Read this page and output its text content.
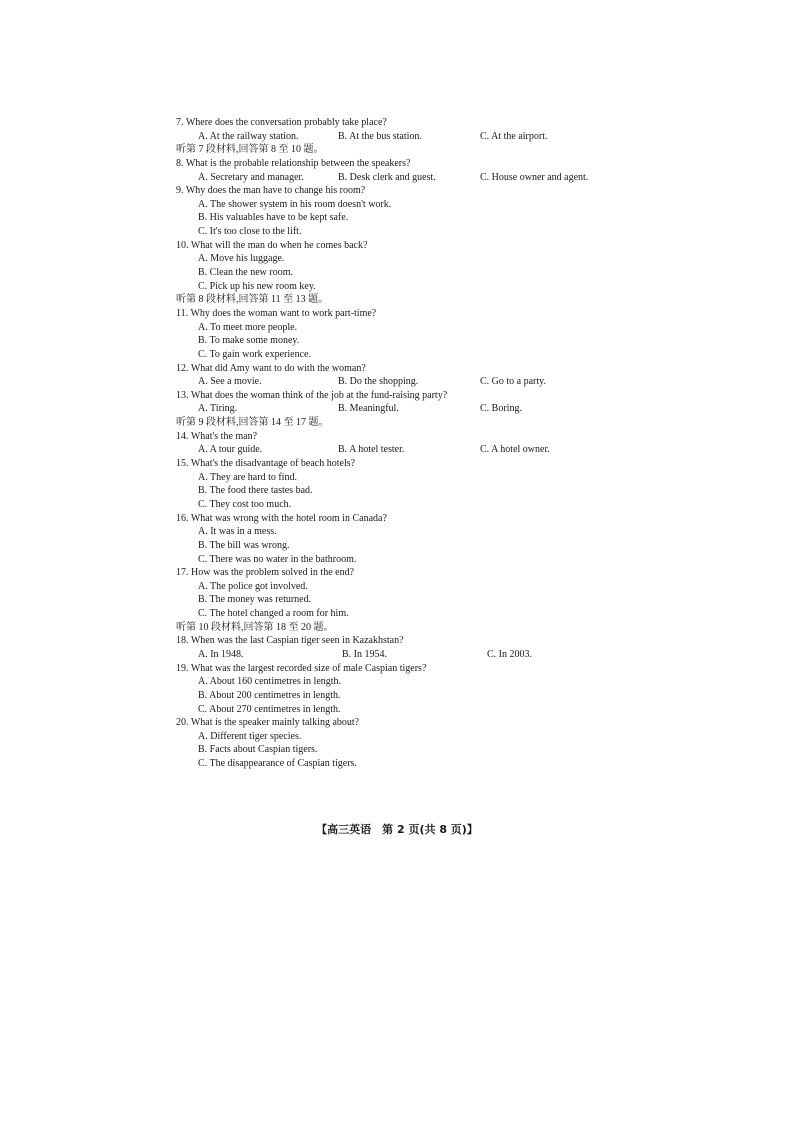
7. Where does the conversation probably take place?
A. At the railway station.	B. At the bus station.	C. At the airport.
听第 7 段材料,回答第 8 至 10 题。
8. What is the probable relationship between the speakers?
A. Secretary and manager.	B. Desk clerk and guest.	C. House owner and agent.
9. Why does the man have to change his room?
A. The shower system in his room doesn't work.
B. His valuables have to be kept safe.
C. It's too close to the lift.
10. What will the man do when he comes back?
A. Move his luggage.
B. Clean the new room.
C. Pick up his new room key.
听第 8 段材料,回答第 11 至 13 题。
11. Why does the woman want to work part-time?
A. To meet more people.
B. To make some money.
C. To gain work experience.
12. What did Amy want to do with the woman?
A. See a movie.	B. Do the shopping.	C. Go to a party.
13. What does the woman think of the job at the fund-raising party?
A. Tiring.	B. Meaningful.	C. Boring.
听第 9 段材料,回答第 14 至 17 题。
14. What's the man?
A. A tour guide.	B. A hotel tester.	C. A hotel owner.
15. What's the disadvantage of beach hotels?
A. They are hard to find.
B. The food there tastes bad.
C. They cost too much.
16. What was wrong with the hotel room in Canada?
A. It was in a mess.
B. The bill was wrong.
C. There was no water in the bathroom.
17. How was the problem solved in the end?
A. The police got involved.
B. The money was returned.
C. The hotel changed a room for him.
听第 10 段材料,回答第 18 至 20 题。
18. When was the last Caspian tiger seen in Kazakhstan?
A. In 1948.	B. In 1954.	C. In 2003.
19. What was the largest recorded size of male Caspian tigers?
A. About 160 centimetres in length.
B. About 200 centimetres in length.
C. About 270 centimetres in length.
20. What is the speaker mainly talking about?
A. Different tiger species.
B. Facts about Caspian tigers.
C. The disappearance of Caspian tigers.
【高三英语　第 2 页(共 8 页)】
